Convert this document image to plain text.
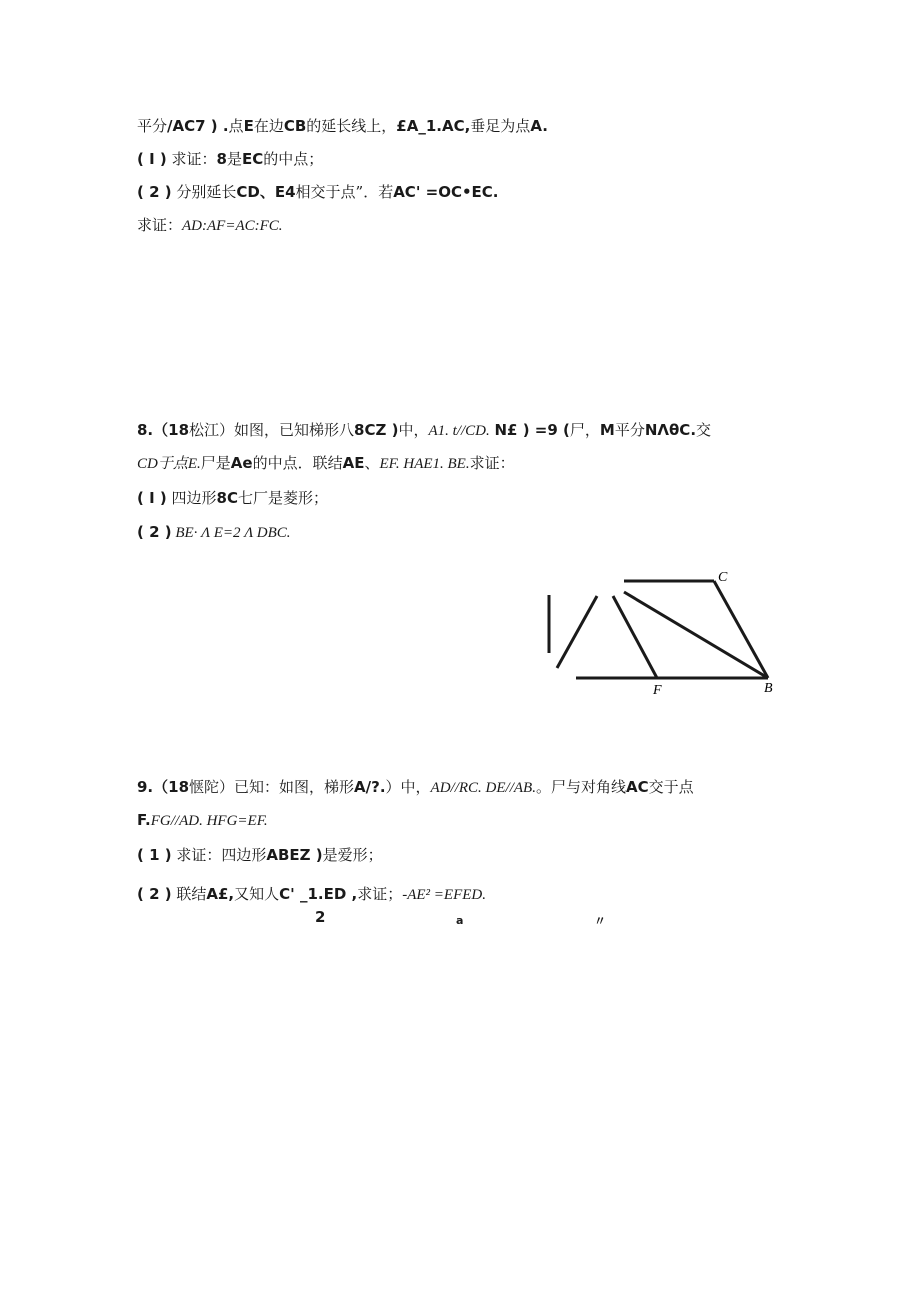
平分/AC7 ) .点E在边CB的延长线上，£A_1.AC,垂足为点A.
( I ) 求证：8是EC的中点；
( 2 ) 分别延长CD、E4相交于点”．若AC' =OC•EC.
求证：AD:AF=AC:FC.
8.（18松江）如图，已知梯形八8CZ )中，A1. t//CD. N£ ) =9 (尸，M平分NΛθC.交
CD于点E.尸是Ae的中点．联结AE、EF. HAE1. BE.求证：
( I ) 四边形8C七厂是菱形；
( 2 ) BE· Λ E=2 Λ DBC.
C
F	B
9.（18惬陀）已知：如图，梯形A/?.）中，AD//RC. DE//AB.。尸与对角线AC交于点
F.FG//AD. HFG=EF.
( 1 ) 求证：四边形ABEZ )是爱形；
( 2 ) 联结A£,又知人C' _1.ED ,求证；-AE² =EFED.
2	a	〃
